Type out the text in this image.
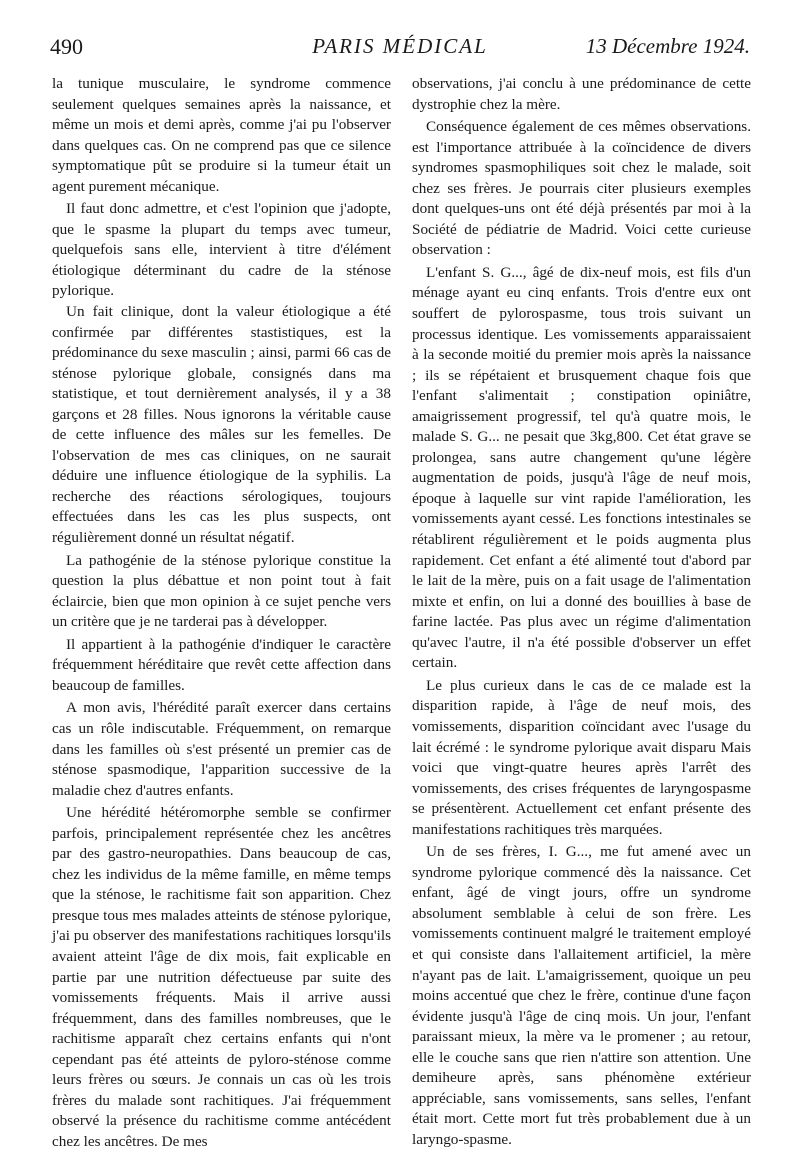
490	PARIS MÉDICAL	13 Décembre 1924.

la tunique musculaire, le syndrome commence seulement quelques semaines après la naissance, et même un mois et demi après, comme j'ai pu l'observer dans quelques cas. On ne comprend pas que ce silence symptomatique pût se produire si la tumeur était un agent purement mécanique.

Il faut donc admettre, et c'est l'opinion que j'adopte, que le spasme la plupart du temps avec tumeur, quelquefois sans elle, intervient à titre d'élément étiologique déterminant du cadre de la sténose pylorique.

Un fait clinique, dont la valeur étiologique a été confirmée par différentes stastistiques, est la prédominance du sexe masculin ; ainsi, parmi 66 cas de sténose pylorique globale, consignés dans ma statistique, et tout dernièrement analysés, il y a 38 garçons et 28 filles. Nous ignorons la véritable cause de cette influence des mâles sur les femelles. De l'observation de mes cas cliniques, on ne saurait déduire une influence étiologique de la syphilis. La recherche des réactions sérologiques, toujours effectuées dans les cas les plus suspects, ont régulièrement donné un résultat négatif.

La pathogénie de la sténose pylorique constitue la question la plus débattue et non point tout à fait éclaircie, bien que mon opinion à ce sujet penche vers un critère que je ne tarderai pas à développer.

Il appartient à la pathogénie d'indiquer le caractère fréquemment héréditaire que revêt cette affection dans beaucoup de familles.

A mon avis, l'hérédité paraît exercer dans certains cas un rôle indiscutable. Fréquemment, on remarque dans les familles où s'est présenté un premier cas de sténose spasmodique, l'apparition successive de la maladie chez d'autres enfants.

Une hérédité hétéromorphe semble se confirmer parfois, principalement représentée chez les ancêtres par des gastro-neuropathies. Dans beaucoup de cas, chez les individus de la même famille, en même temps que la sténose, le rachitisme fait son apparition. Chez presque tous mes malades atteints de sténose pylorique, j'ai pu observer des manifestations rachitiques lorsqu'ils avaient atteint l'âge de dix mois, fait explicable en partie par une nutrition défectueuse par suite des vomissements fréquents. Mais il arrive aussi fréquemment, dans des familles nombreuses, que le rachitisme apparaît chez certains enfants qui n'ont cependant pas été atteints de pyloro-sténose comme leurs frères ou sœurs. Je connais un cas où les trois frères du malade sont rachitiques. J'ai fréquemment observé la présence du rachitisme comme antécédent chez les ancêtres. De mes

observations, j'ai conclu à une prédominance de cette dystrophie chez la mère.

Conséquence également de ces mêmes observations. est l'importance attribuée à la coïncidence de divers syndromes spasmophiliques soit chez le malade, soit chez ses frères. Je pourrais citer plusieurs exemples dont quelques-uns ont été déjà présentés par moi à la Société de pédiatrie de Madrid. Voici cette curieuse observation :

L'enfant S. G..., âgé de dix-neuf mois, est fils d'un ménage ayant eu cinq enfants. Trois d'entre eux ont souffert de pylorospasme, tous trois suivant un processus identique. Les vomissements apparaissaient à la seconde moitié du premier mois après la naissance ; ils se répétaient et brusquement chaque fois que l'enfant s'alimentait ; constipation opiniâtre, amaigrissement progressif, tel qu'à quatre mois, le malade S. G... ne pesait que 3kg,800. Cet état grave se prolongea, sans autre changement qu'une légère augmentation de poids, jusqu'à l'âge de neuf mois, époque à laquelle sur vint rapide l'amélioration, les vomissements ayant cessé. Les fonctions intestinales se rétablirent régulièrement et le poids augmenta plus rapidement. Cet enfant a été alimenté tout d'abord par le lait de la mère, puis on a fait usage de l'alimentation mixte et enfin, on lui a donné des bouillies à base de farine lactée. Pas plus avec un régime d'alimentation qu'avec l'autre, il n'a été possible d'observer un effet certain.

Le plus curieux dans le cas de ce malade est la disparition rapide, à l'âge de neuf mois, des vomissements, disparition coïncidant avec l'usage du lait écrémé : le syndrome pylorique avait disparu Mais voici que vingt-quatre heures après l'arrêt des vomissements, des crises fréquentes de laryngospasme se présentèrent. Actuellement cet enfant présente des manifestations rachitiques très marquées.

Un de ses frères, I. G..., me fut amené avec un syndrome pylorique commencé dès la naissance. Cet enfant, âgé de vingt jours, offre un syndrome absolument semblable à celui de son frère. Les vomissements continuent malgré le traitement employé et qui consiste dans l'allaitement artificiel, la mère n'ayant pas de lait. L'amaigrissement, quoique un peu moins accentué que chez le frère, continue d'une façon évidente jusqu'à l'âge de cinq mois. Un jour, l'enfant paraissant mieux, la mère va le promener ; au retour, elle le couche sans que rien n'attire son attention. Une demiheure après, sans phénomène extérieur appréciable, sans vomissements, sans selles, l'enfant était mort. Cette mort fut très probablement due à un laryngo-spasme.
